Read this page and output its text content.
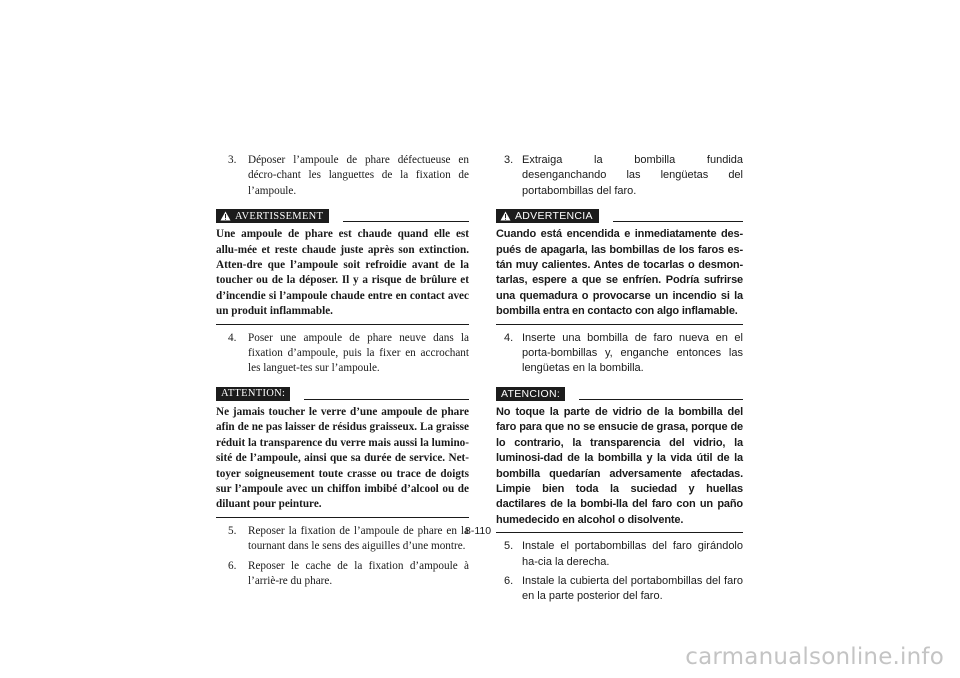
3.	Déposer l’ampoule de phare défectueuse en décro-chant les languettes de la fixation de l’ampoule.
AVERTISSEMENT
Une ampoule de phare est chaude quand elle est allu-mée et reste chaude juste après son extinction. Atten-dre que l’ampoule soit refroidie avant de la toucher ou de la déposer. Il y a risque de brûlure et d’incendie si l’ampoule chaude entre en contact avec un produit inflammable.
4.	Poser une ampoule de phare neuve dans la fixation d’ampoule, puis la fixer en accrochant les languet-tes sur l’ampoule.
ATTENTION:
Ne jamais toucher le verre d’une ampoule de phare afin de ne pas laisser de résidus graisseux. La graisse réduit la transparence du verre mais aussi la lumino-sité de l’ampoule, ainsi que sa durée de service. Net-toyer soigneusement toute crasse ou trace de doigts sur l’ampoule avec un chiffon imbibé d’alcool ou de diluant pour peinture.
5.	Reposer la fixation de l’ampoule de phare en la tournant dans le sens des aiguilles d’une montre.
6.	Reposer le cache de la fixation d’ampoule à l’arriè-re du phare.
3. Extraiga la bombilla fundida desenganchando las lengüetas del portabombillas del faro.
ADVERTENCIA
Cuando está encendida e inmediatamente des-pués de apagarla, las bombillas de los faros es-tán muy calientes. Antes de tocarlas o desmon-tarlas, espere a que se enfríen. Podría sufrirse una quemadura o provocarse un incendio si la bombilla entra en contacto con algo inflamable.
4. Inserte una bombilla de faro nueva en el porta-bombillas y, enganche entonces las lengüetas en la bombilla.
ATENCION:
No toque la parte de vidrio de la bombilla del faro para que no se ensucie de grasa, porque de lo contrario, la transparencia del vidrio, la luminosi-dad de la bombilla y la vida útil de la bombilla quedarían adversamente afectadas. Limpie bien toda la suciedad y huellas dactilares de la bombi-lla del faro con un paño humedecido en alcohol o disolvente.
5. Instale el portabombillas del faro girándolo ha-cia la derecha.
6. Instale la cubierta del portabombillas del faro en la parte posterior del faro.
8-110
carmanualsonline.info
